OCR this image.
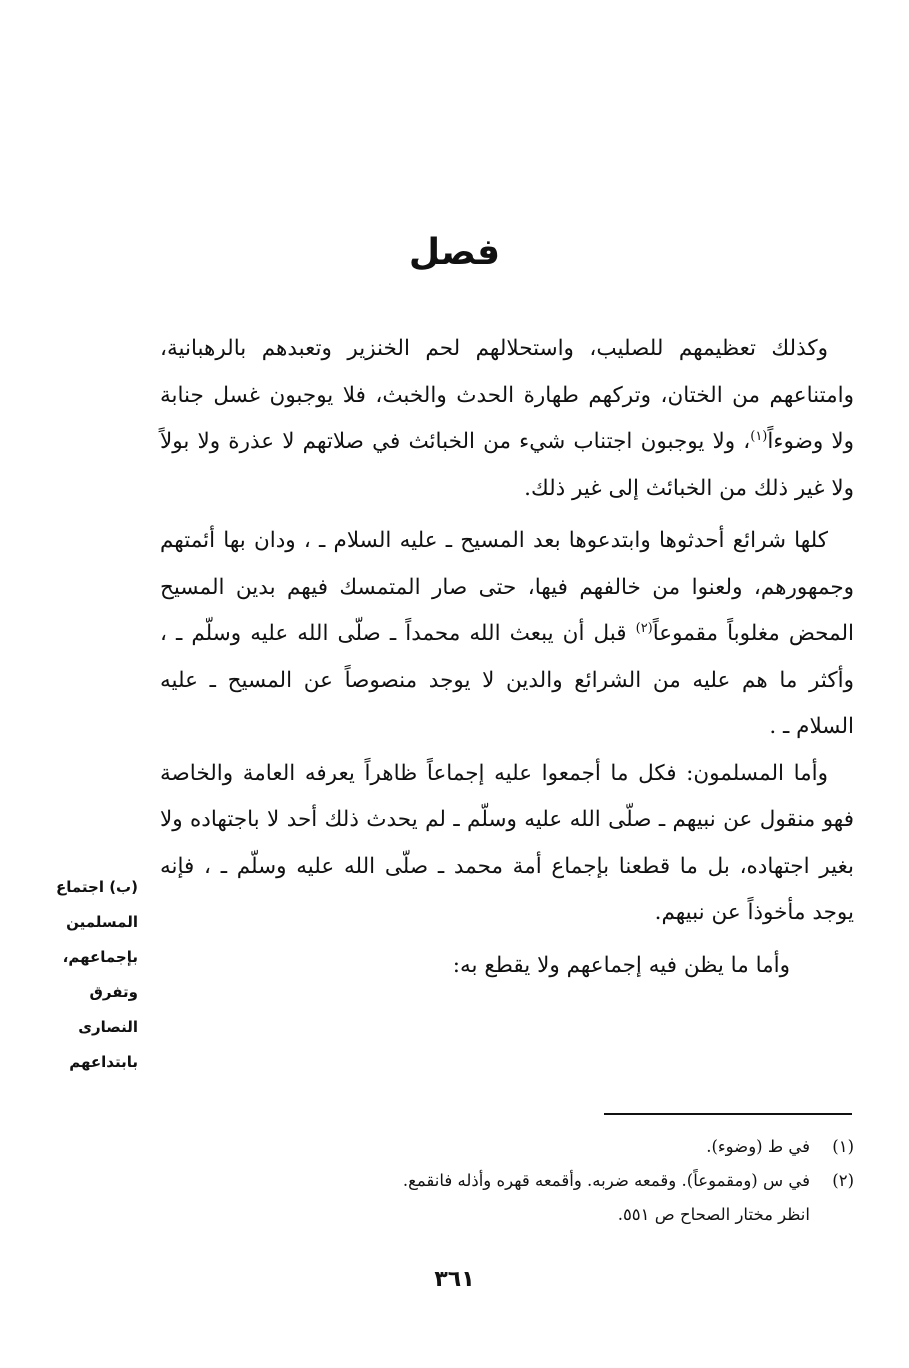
فصل

وكذلك تعظيمهم للصليب، واستحلالهم لحم الخنزير وتعبدهم بالرهبانية، وامتناعهم من الختان، وتركهم طهارة الحدث والخبث، فلا يوجبون غسل جنابة ولا وضوءاً$^{(١)}$، ولا يوجبون اجتناب شيء من الخبائث في صلاتهم لا عذرة ولا بولاً ولا غير ذلك من الخبائث إلى غير ذلك.

كلها شرائع أحدثوها وابتدعوها بعد المسيح ـ عليه السلام ـ ، ودان بها أئمتهم وجمهورهم، ولعنوا من خالفهم فيها، حتى صار المتمسك فيهم بدين المسيح المحض مغلوباً مقموعاً$^{(٢)}$ قبل أن يبعث الله محمداً ـ صلّى الله عليه وسلّم ـ ، وأكثر ما هم عليه من الشرائع والدين لا يوجد منصوصاً عن المسيح ـ عليه السلام ـ .

وأما المسلمون: فكل ما أجمعوا عليه إجماعاً ظاهراً يعرفه العامة والخاصة فهو منقول عن نبيهم ـ صلّى الله عليه وسلّم ـ لم يحدث ذلك أحد لا باجتهاده ولا بغير اجتهاده، بل ما قطعنا بإجماع أمة محمد ـ صلّى الله عليه وسلّم ـ ، فإنه يوجد مأخوذاً عن نبيهم.

وأما ما يظن فيه إجماعهم ولا يقطع به:

(ب) اجتماع
المسلمين
بإجماعهم،
وتفرق
النصارى
بابتداعهم
(١)
في ط (وضوء).
(٢)
في س (ومقموعاً). وقمعه ضربه. وأقمعه قهره وأذله فانقمع.
انظر مختار الصحاح ص ٥٥١.
٣٦١
